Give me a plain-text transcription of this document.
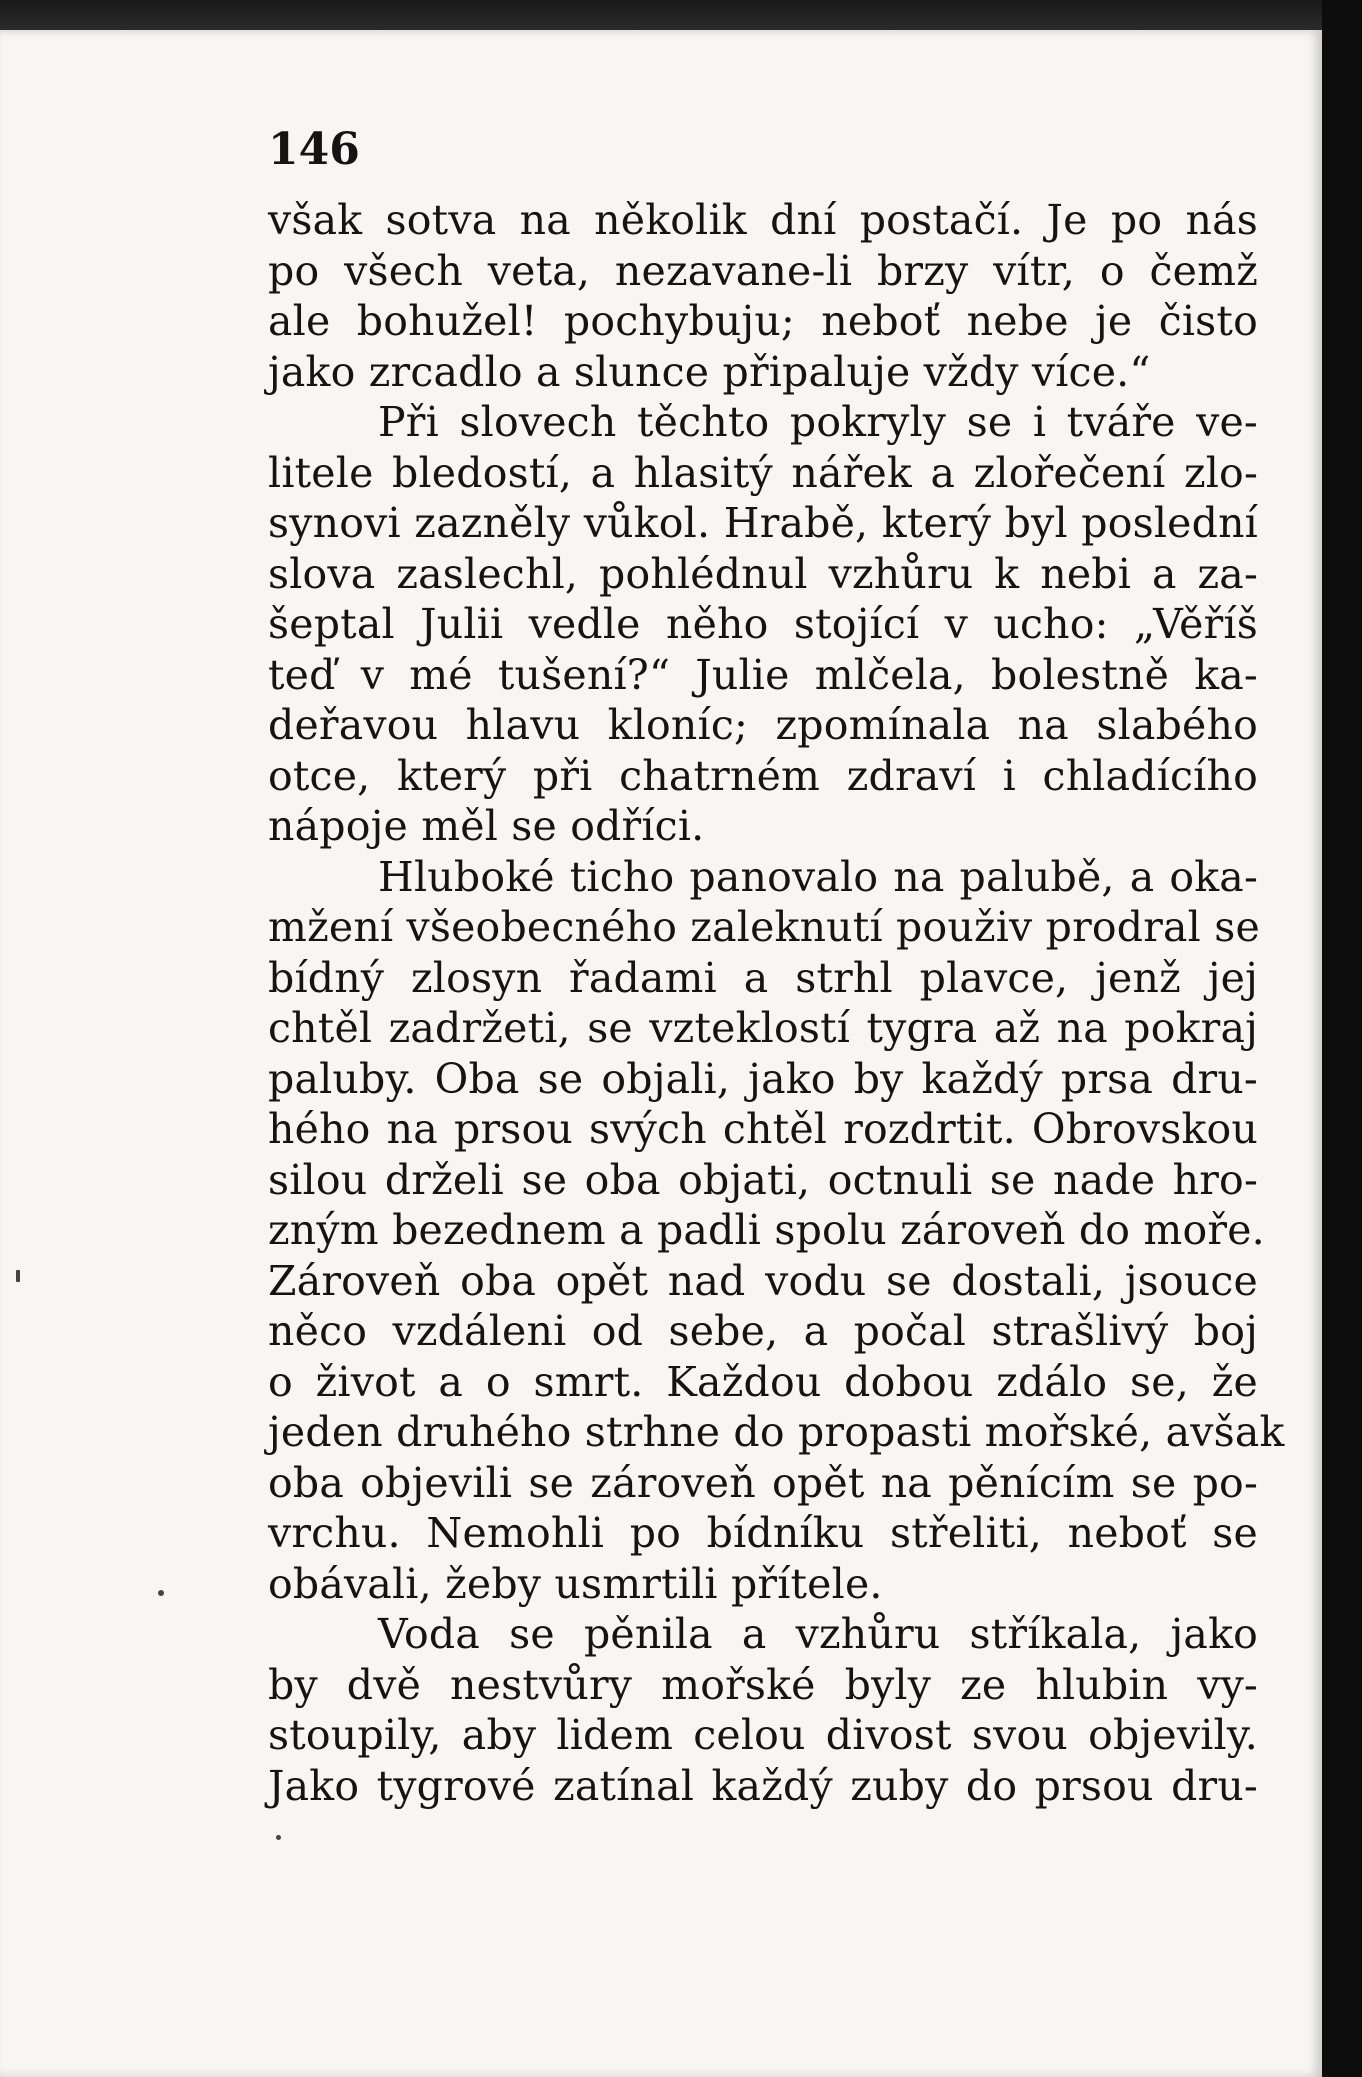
146
však sotva na několik dní postačí. Je po nás
po všech veta, nezavane-li brzy vítr, o čemž
ale bohužel! pochybuju; neboť nebe je čisto
jako zrcadlo a slunce připaluje vždy více.“
Při slovech těchto pokryly se i tváře ve-
litele bledostí, a hlasitý nářek a zlořečení zlo-
synovi zazněly vůkol. Hrabě, který byl poslední
slova zaslechl, pohlédnul vzhůru k nebi a za-
šeptal Julii vedle něho stojící v ucho: „Věříš
teď v mé tušení?“ Julie mlčela, bolestně ka-
deřavou hlavu kloníc; zpomínala na slabého
otce, který při chatrném zdraví i chladícího
nápoje měl se odříci.
Hluboké ticho panovalo na palubě, a oka-
mžení všeobecného zaleknutí použiv prodral se
bídný zlosyn řadami a strhl plavce, jenž jej
chtěl zadržeti, se vzteklostí tygra až na pokraj
paluby. Oba se objali, jako by každý prsa dru-
hého na prsou svých chtěl rozdrtit. Obrovskou
silou drželi se oba objati, octnuli se nade hro-
zným bezednem a padli spolu zároveň do moře.
Zároveň oba opět nad vodu se dostali, jsouce
něco vzdáleni od sebe, a počal strašlivý boj
o život a o smrt. Každou dobou zdálo se, že
jeden druhého strhne do propasti mořské, avšak
oba objevili se zároveň opět na pěnícím se po-
vrchu. Nemohli po bídníku střeliti, neboť se
obávali, žeby usmrtili přítele.
Voda se pěnila a vzhůru stříkala, jako
by dvě nestvůry mořské byly ze hlubin vy-
stoupily, aby lidem celou divost svou objevily.
Jako tygrové zatínal každý zuby do prsou dru-
